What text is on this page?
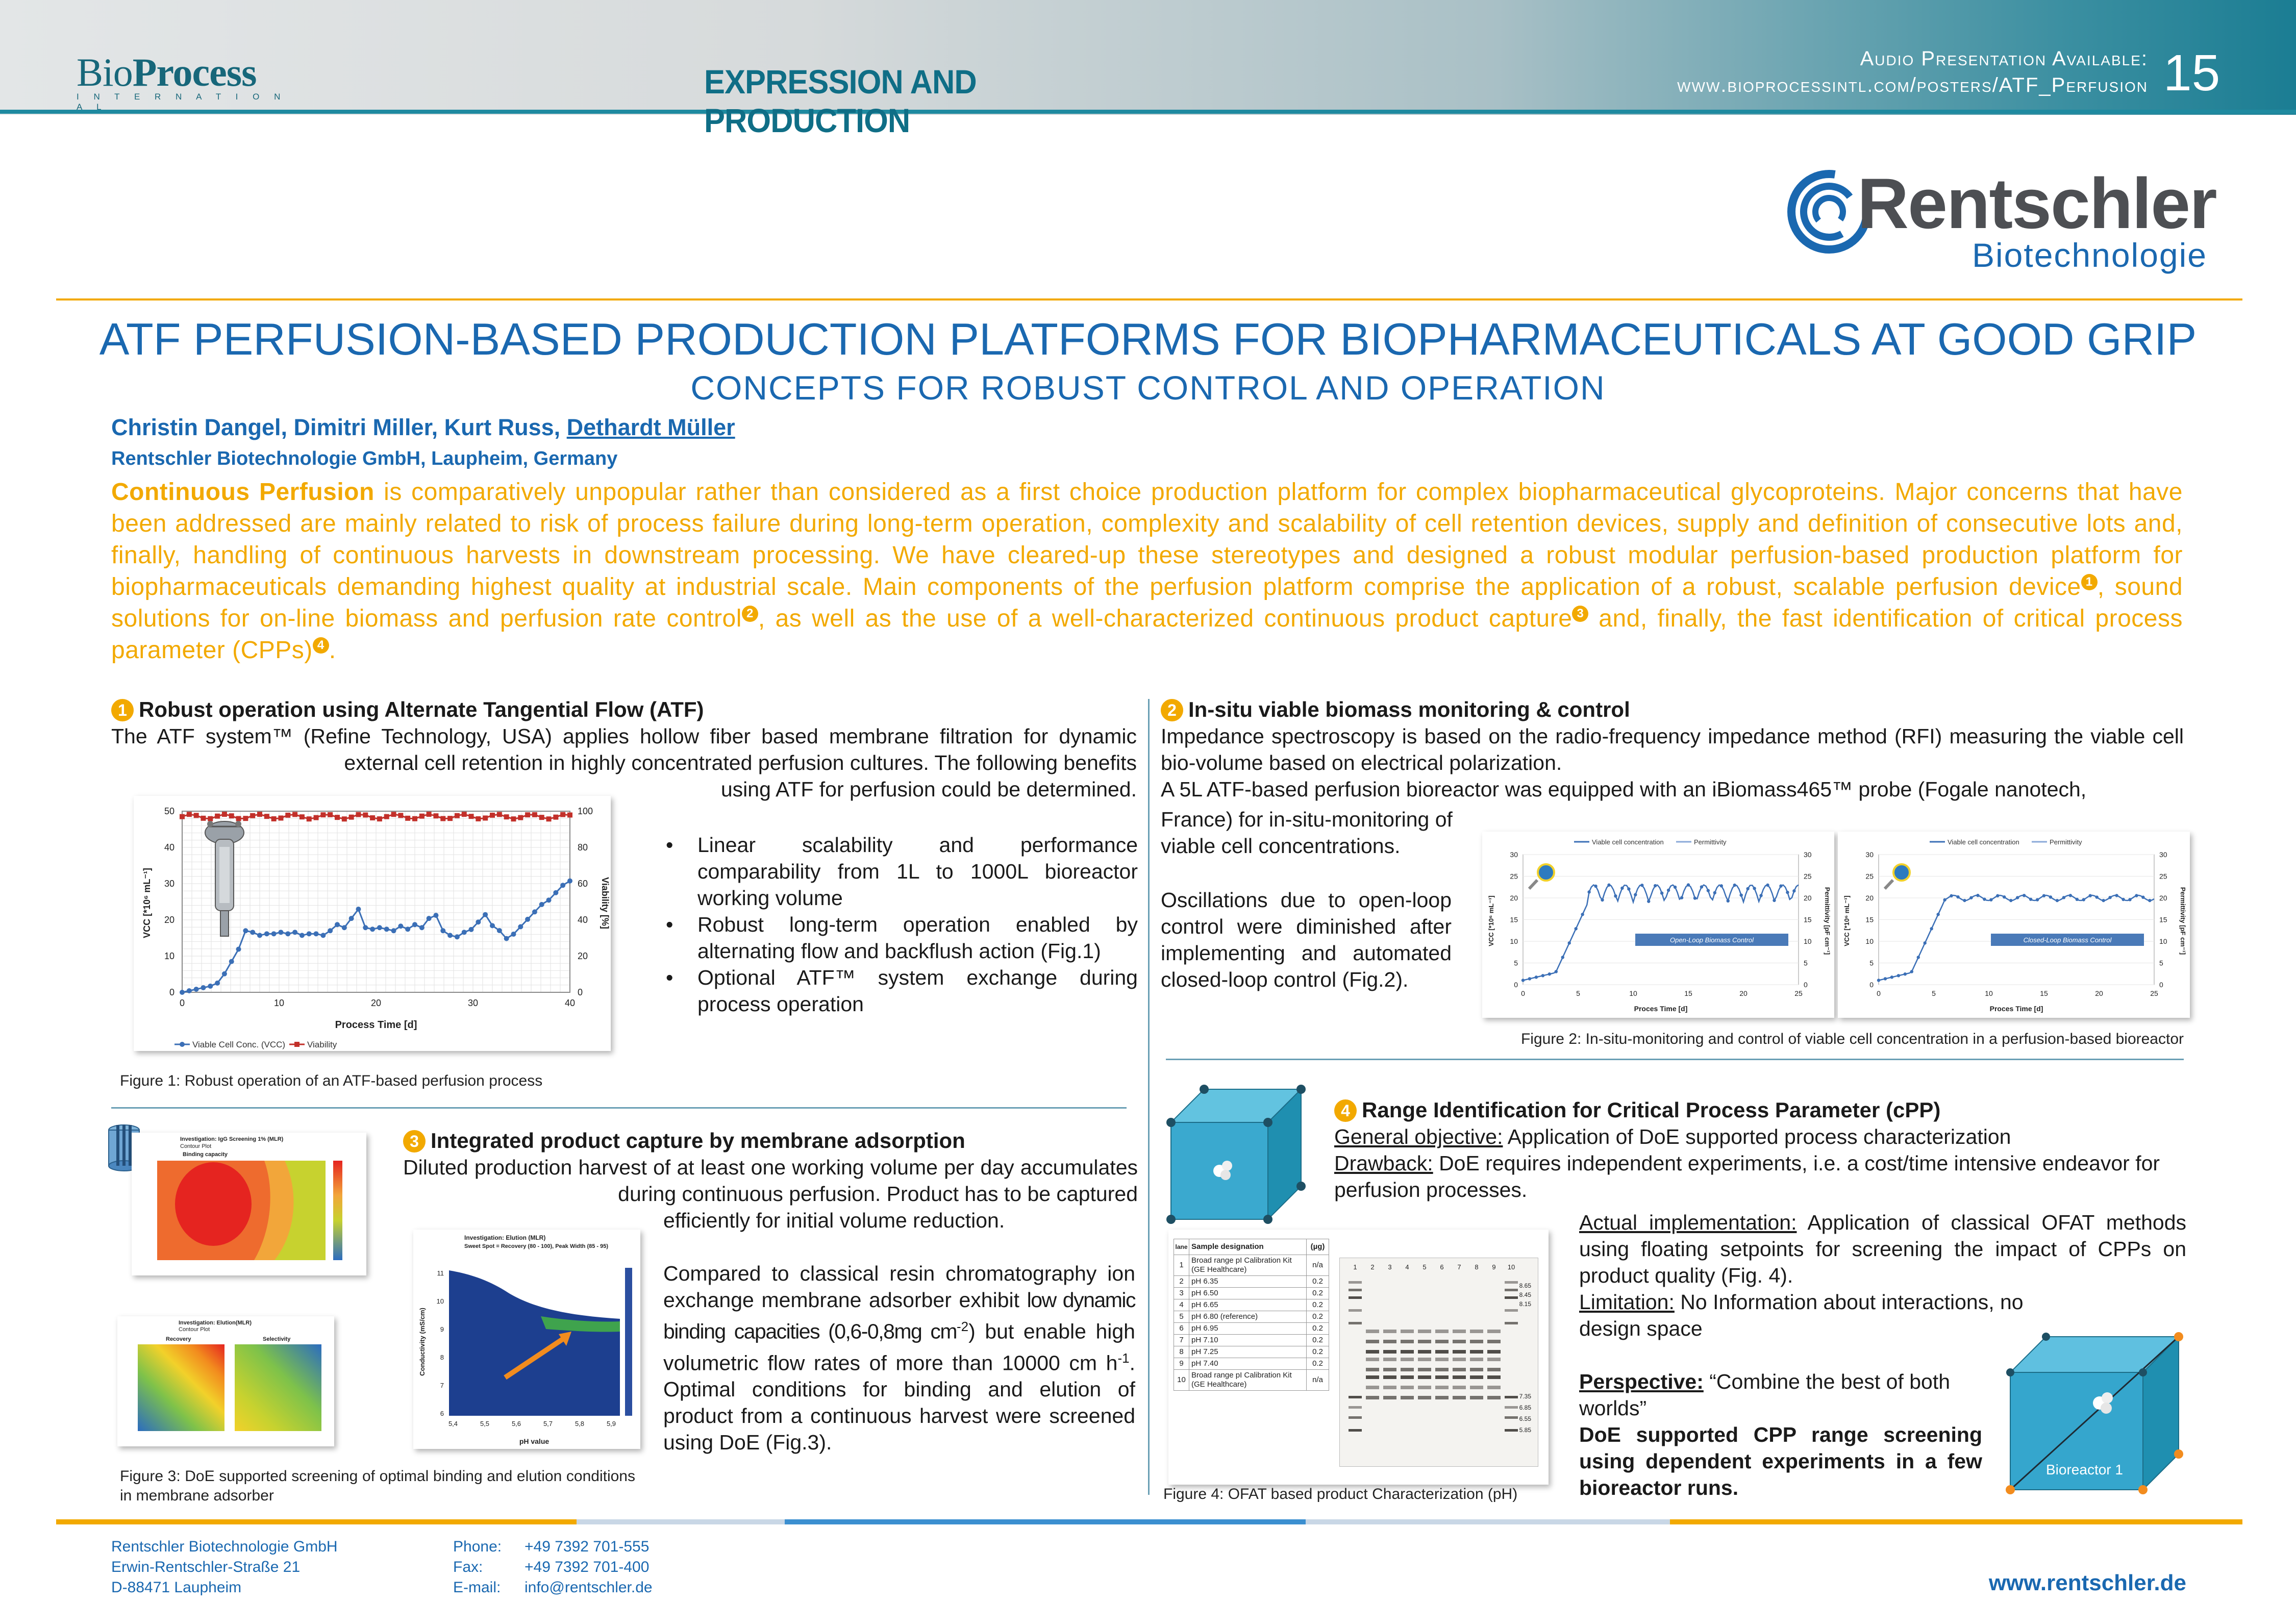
BioProcess
I N T E R N A T I O N A L
EXPRESSION AND PRODUCTION
Audio Presentation Available:
www.bioprocessintl.com/posters/ATF_Perfusion 15
Rentschler
Biotechnologie
ATF PERFUSION-BASED PRODUCTION PLATFORMS FOR BIOPHARMACEUTICALS AT GOOD GRIP
CONCEPTS FOR ROBUST CONTROL AND OPERATION
Christin Dangel, Dimitri Miller, Kurt Russ, Dethardt Müller
Rentschler Biotechnologie GmbH, Laupheim, Germany
Continuous Perfusion is comparatively unpopular rather than considered as a first choice production platform for complex biopharmaceutical glycoproteins. Major concerns that have been addressed are mainly related to risk of process failure during long-term operation, complexity and scalability of cell retention devices, supply and definition of consecutive lots and, finally, handling of continuous harvests in downstream processing. We have cleared-up these stereotypes and designed a robust modular perfusion-based production platform for biopharmaceuticals demanding highest quality at industrial scale. Main components of the perfusion platform comprise the application of a robust, scalable perfusion device 1 , sound solutions for on-line biomass and perfusion rate control 2 , as well as the use of a well-characterized continuous product capture 3 and, finally, the fast identification of critical process parameter (CPPs) 4 .
1 Robust operation using Alternate Tangential Flow (ATF)
The ATF system™ (Refine Technology, USA) applies hollow fiber based membrane filtration for dynamic external cell retention in highly concentrated perfusion cultures. The following benefits
using ATF for perfusion could be determined.
0	10	20	30	40
0
10
20
30
40
50
0
20
40
60
80
100
Process Time [d]
VCC [*10⁶ mL⁻¹]	Viability [%]
Viable Cell Conc. (VCC)	Viability
• Linear scalability and performance comparability from 1L to 1000L bioreactor working volume
• Robust long-term operation enabled by alternating flow and backflush action (Fig.1)
• Optional ATF™ system exchange during process operation
Figure 1: Robust operation of an ATF-based perfusion process
2 In-situ viable biomass monitoring & control
Impedance spectroscopy is based on the radio-frequency impedance method (RFI) measuring the viable cell bio-volume based on electrical polarization.
A 5L ATF-based perfusion bioreactor was equipped with an iBiomass465™ probe (Fogale nanotech,
France) for in-situ-monitoring of viable cell concentrations.
Oscillations due to open-loop control were diminished after implementing and automated closed-loop control (Fig.2).	0	0
5	5
10	10
15	15
20	20
25	25
30	30
0	5	10	15	20	25
Proces Time [d]
VCC [*10⁶ mL⁻¹]	Permittivity [pF cm⁻¹]
Viable cell concentration	Permittivity
Open-Loop Biomass Control
0	0
5	5
10	10
15	15
20	20
25	25
30	30
0	5	10	15	20	25
Proces Time [d]
VCC [*10⁶ mL⁻¹]	Permittivity [pF cm⁻¹]
Viable cell concentration	Permittivity
Closed-Loop Biomass Control
Figure 2: In-situ-monitoring and control of viable cell concentration in a perfusion-based bioreactor
3 Integrated product capture by membrane adsorption
Diluted production harvest of at least one working volume per day accumulates during continuous perfusion. Product has to be captured
efficiently for initial volume reduction.
Compared to classical resin chromatography ion exchange membrane adsorber exhibit low dynamic binding capacities (0,6-0,8mg $cm^{-2}$) but enable high volumetric flow rates of more than 10000 cm $h^{-1}$. Optimal conditions for binding and elution of product from a continuous harvest were screened using DoE (Fig.3).
Investigation: IgG Screening 1% (MLR)
Contour Plot
Binding capacity
Investigation: Elution (MLR)
Sweet Spot = Recovery (80 - 100), Peak Width (85 - 95)
5,4	5,5	5,6	5,7	5,8	5,9
6
7
8
9
10
11
pH value
Conductivity (mS/cm)
Investigation: Elution(MLR)
Contour Plot
Recovery	Selectivity
Figure 3: DoE supported screening of optimal binding and elution conditions in membrane adsorber
4 Range Identification for Critical Process Parameter (cPP)
General objective: Application of DoE supported process characterization
Drawback: DoE requires independent experiments, i.e. a cost/time intensive endeavor for perfusion processes.
Actual implementation: Application of classical OFAT methods using floating setpoints for screening the impact of CPPs on product quality (Fig. 4).
Limitation: No Information about interactions, no design space
Perspective: “Combine the best of both worlds”
DoE supported CPP range screening using dependent experiments in a few bioreactor runs.
lane	Sample designation	(µg)
1	Broad range pI Calibration Kit (GE Healthcare)	n/a
2	pH 6.35	0.2
3	pH 6.50	0.2
4	pH 6.65	0.2
5	pH 6.80 (reference)	0.2
6	pH 6.95	0.2
7	pH 7.10	0.2
8	pH 7.25	0.2
9	pH 7.40	0.2
10	Broad range pI Calibration Kit (GE Healthcare)	n/a
1 2 3 4 5 6 7 8 9 10
8.65
8.45
8.15
7.35
6.85
6.55
5.85
Figure 4: OFAT based product Characterization (pH)
Bioreactor 1
Rentschler Biotechnologie GmbH
Erwin-Rentschler-Straße 21
D-88471 Laupheim
Phone: +49 7392 701-555
Fax:	+49 7392 701-400
E-mail: info@rentschler.de	www.rentschler.de
